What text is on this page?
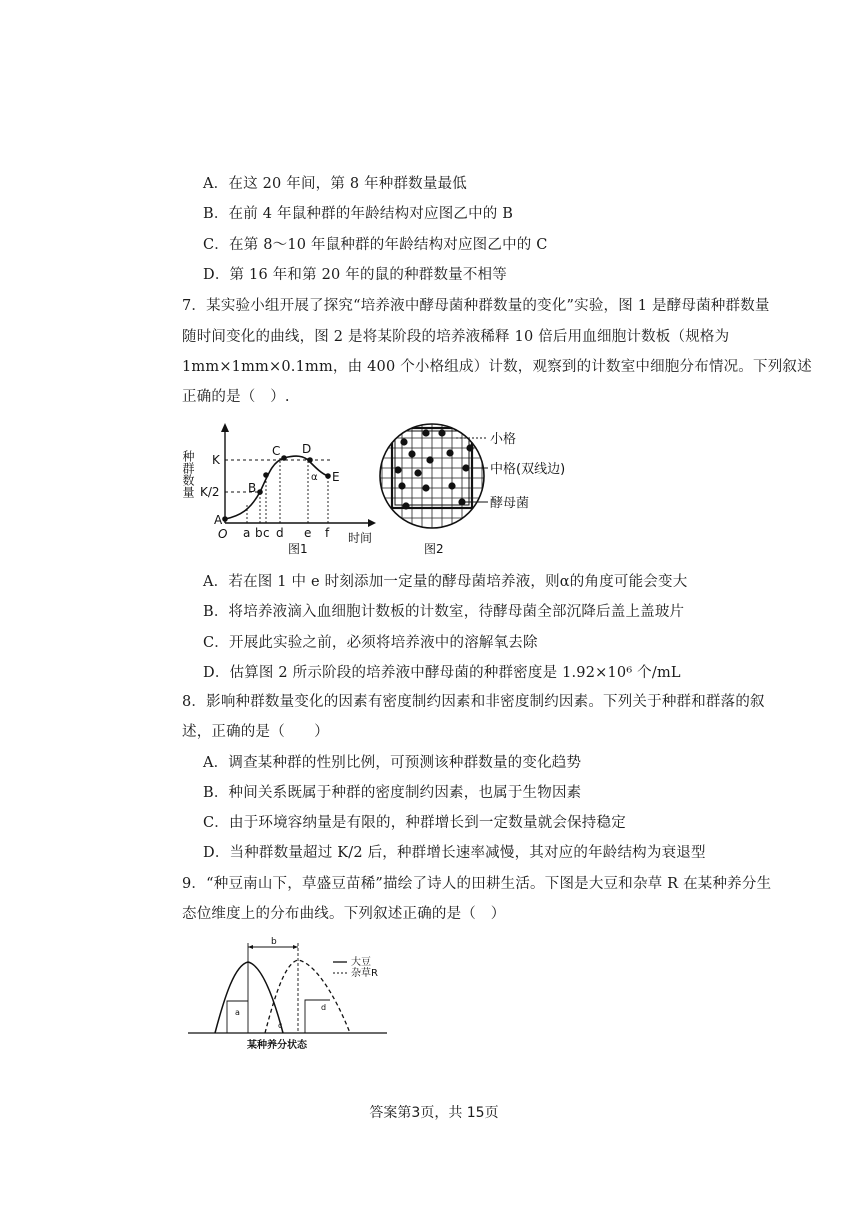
A．在这 20 年间，第 8 年种群数量最低
B．在前 4 年鼠种群的年龄结构对应图乙中的 B
C．在第 8～10 年鼠种群的年龄结构对应图乙中的 C
D．第 16 年和第 20 年的鼠的种群数量不相等
7．某实验小组开展了探究“培养液中酵母菌种群数量的变化”实验，图 1 是酵母菌种群数量
随时间变化的曲线，图 2 是将某阶段的培养液稀释 10 倍后用血细胞计数板（规格为
1mm×1mm×0.1mm，由 400 个小格组成）计数，观察到的计数室中细胞分布情况。下列叙述
正确的是（　）.
种群数量 K
K/2
A
B
C D
E
α
O a b c d e f 时间
图1
小格
中格(双线边)
酵母菌
图2
A．若在图 1 中 e 时刻添加一定量的酵母菌培养液，则α的角度可能会变大
B．将培养液滴入血细胞计数板的计数室，待酵母菌全部沉降后盖上盖玻片
C．开展此实验之前，必须将培养液中的溶解氧去除
D．估算图 2 所示阶段的培养液中酵母菌的种群密度是 1.92×10⁶ 个/mL
8．影响种群数量变化的因素有密度制约因素和非密度制约因素。下列关于种群和群落的叙
述，正确的是（　　）
A．调查某种群的性别比例，可预测该种群数量的变化趋势
B．种间关系既属于种群的密度制约因素，也属于生物因素
C．由于环境容纳量是有限的，种群增长到一定数量就会保持稳定
D．当种群数量超过 K/2 后，种群增长速率减慢，其对应的年龄结构为衰退型
9．“种豆南山下，草盛豆苗稀”描绘了诗人的田耕生活。下图是大豆和杂草 R 在某种养分生
态位维度上的分布曲线。下列叙述正确的是（　）
b
a
c
d
大豆
杂草R
某种养分状态
答案第3页，共 15页
